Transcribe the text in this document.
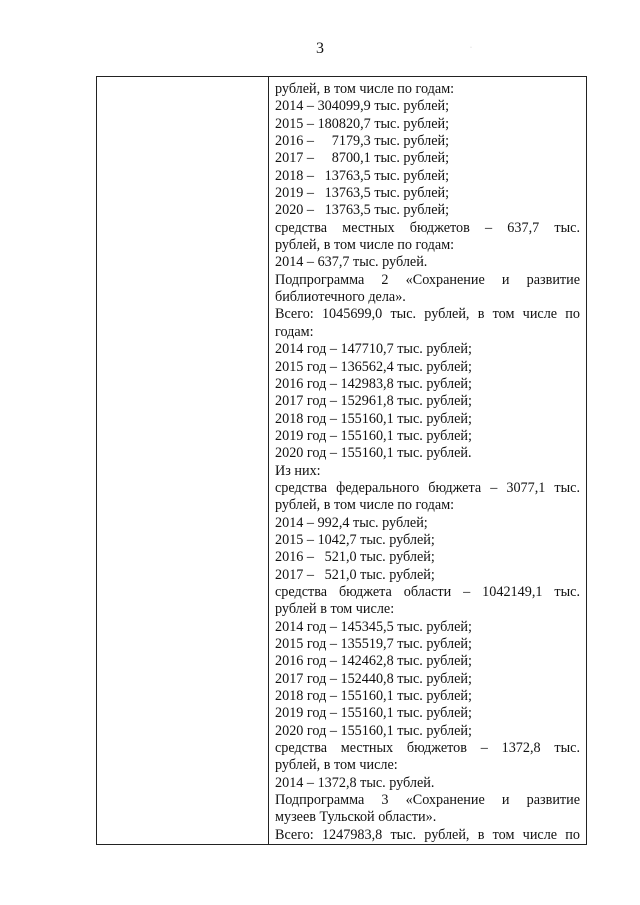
3	·

рублей, в том числе по годам:
2014 – 304099,9 тыс. рублей;
2015 – 180820,7 тыс. рублей;
2016 –     7179,3 тыс. рублей;
2017 –     8700,1 тыс. рублей;
2018 –   13763,5 тыс. рублей;
2019 –   13763,5 тыс. рублей;
2020 –   13763,5 тыс. рублей;
средства местных бюджетов – 637,7 тыс.
рублей, в том числе по годам:
2014 – 637,7 тыс. рублей.
Подпрограмма 2 «Сохранение и развитие
библиотечного дела».
Всего: 1045699,0 тыс. рублей, в том числе по
годам:
2014 год – 147710,7 тыс. рублей;
2015 год – 136562,4 тыс. рублей;
2016 год – 142983,8 тыс. рублей;
2017 год – 152961,8 тыс. рублей;
2018 год – 155160,1 тыс. рублей;
2019 год – 155160,1 тыс. рублей;
2020 год – 155160,1 тыс. рублей.
Из них:
средства федерального бюджета – 3077,1 тыс.
рублей, в том числе по годам:
2014 – 992,4 тыс. рублей;
2015 – 1042,7 тыс. рублей;
2016 –   521,0 тыс. рублей;
2017 –   521,0 тыс. рублей;
средства бюджета области – 1042149,1 тыс.
рублей в том числе:
2014 год – 145345,5 тыс. рублей;
2015 год – 135519,7 тыс. рублей;
2016 год – 142462,8 тыс. рублей;
2017 год – 152440,8 тыс. рублей;
2018 год – 155160,1 тыс. рублей;
2019 год – 155160,1 тыс. рублей;
2020 год – 155160,1 тыс. рублей;
средства местных бюджетов – 1372,8 тыс.
рублей, в том числе:
2014 – 1372,8 тыс. рублей.
Подпрограмма 3 «Сохранение и развитие
музеев Тульской области».
Всего: 1247983,8 тыс. рублей, в том числе по
